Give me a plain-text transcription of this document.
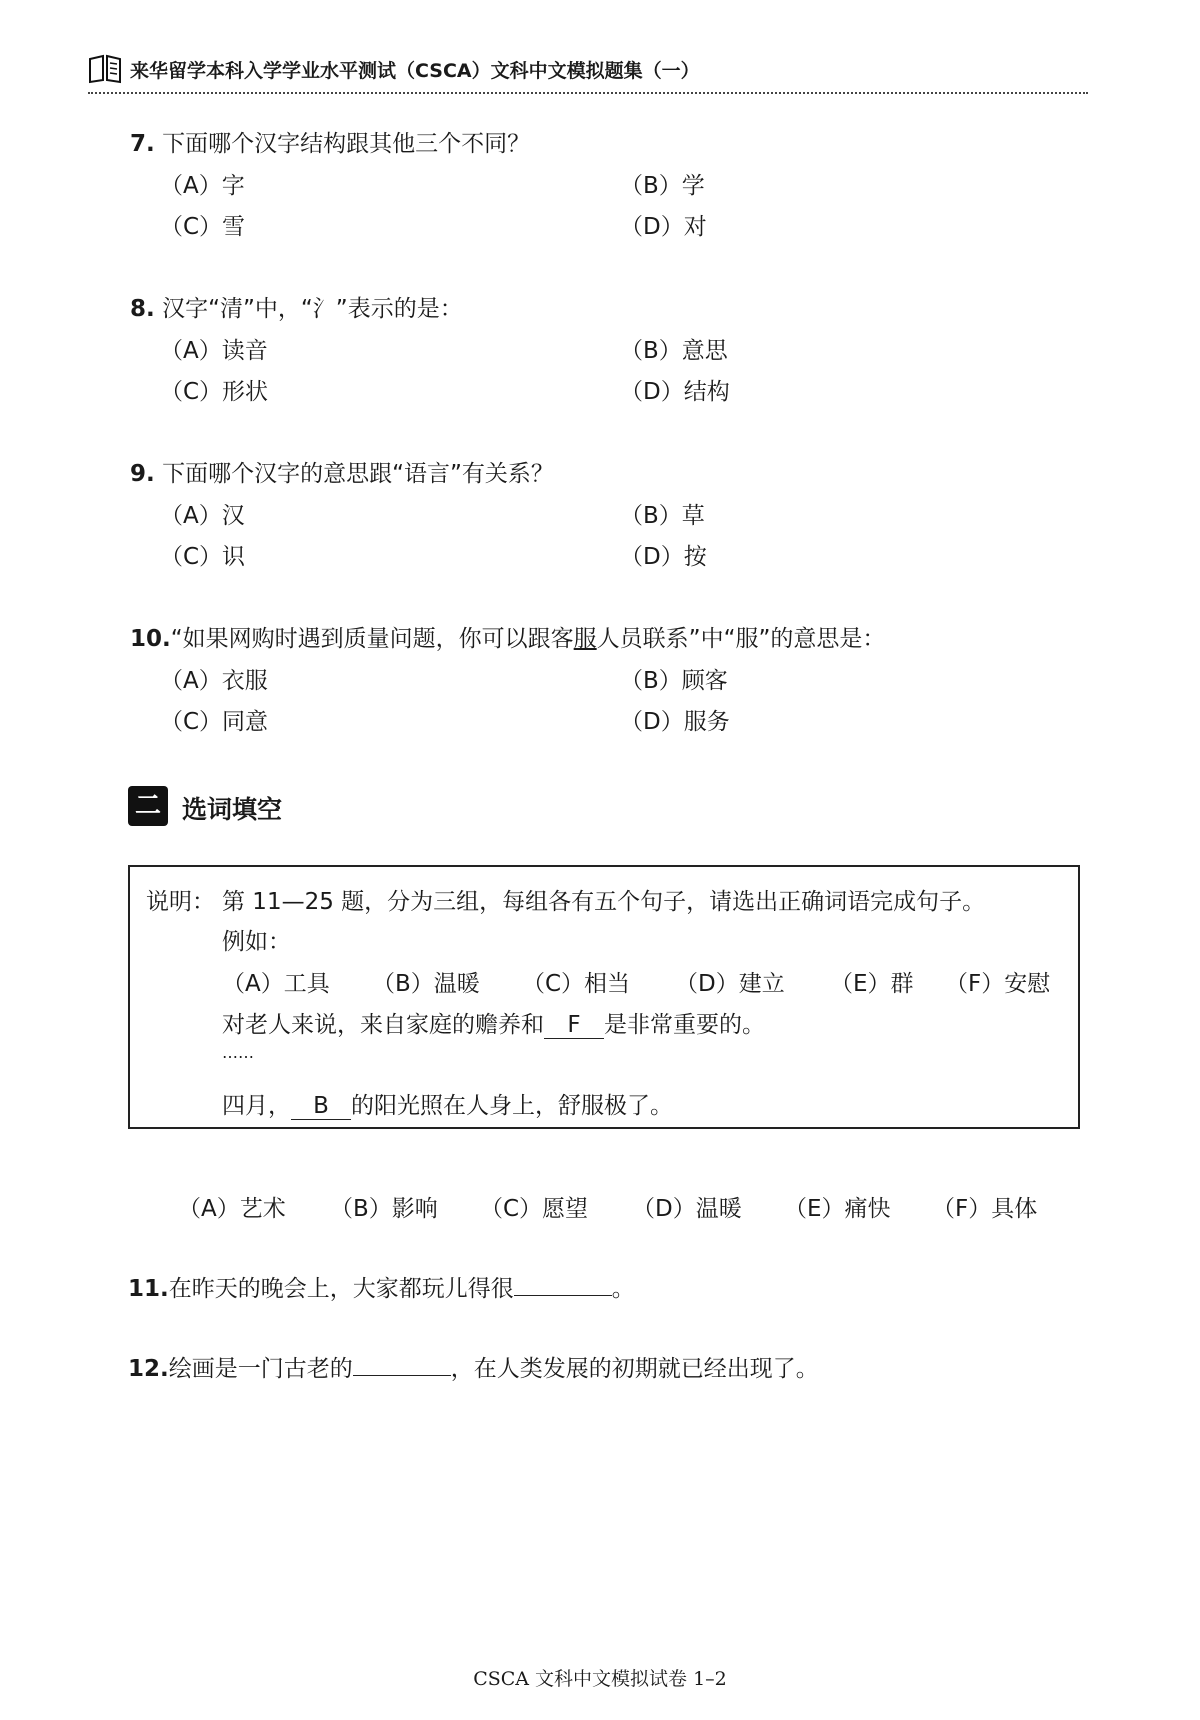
来华留学本科入学学业水平测试（CSCA）文科中文模拟题集（一）
7. 下面哪个汉字结构跟其他三个不同？
（A）字	（B）学
（C）雪	（D）对
8. 汉字“清”中，“氵”表示的是：
（A）读音	（B）意思
（C）形状	（D）结构
9. 下面哪个汉字的意思跟“语言”有关系？
（A）汉	（B）草
（C）识	（D）按
10.“如果网购时遇到质量问题，你可以跟客服人员联系”中“服”的意思是：
（A）衣服	（B）顾客
（C）同意	（D）服务
二 选词填空
说明： 第 11—25 题，分为三组，每组各有五个句子，请选出正确词语完成句子。
例如：
（A）工具 （B）温暖 （C）相当 （D）建立 （E）群 （F）安慰
对老人来说，来自家庭的赡养和 F 是非常重要的。
……
四月， B 的阳光照在人身上，舒服极了。
（A）艺术 （B）影响 （C）愿望 （D）温暖 （E）痛快 （F）具体
11.在昨天的晚会上，大家都玩儿得很	。
12.绘画是一门古老的	，在人类发展的初期就已经出现了。
CSCA 文科中文模拟试卷 1–2
